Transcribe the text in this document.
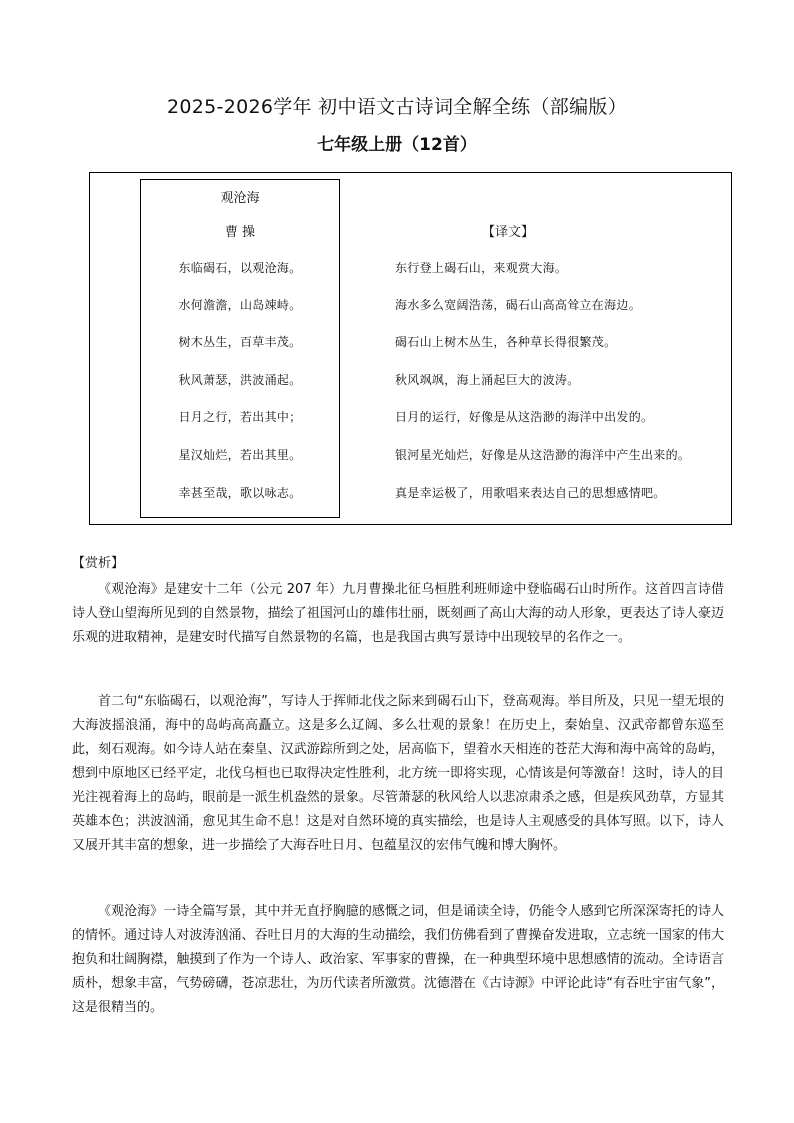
2025-2026学年 初中语文古诗词全解全练（部编版）
七年级上册（12首）
观沧海
曹 操
东临碣石，以观沧海。
水何澹澹，山岛竦峙。
树木丛生，百草丰茂。
秋风萧瑟，洪波涌起。
日月之行，若出其中；
星汉灿烂，若出其里。
幸甚至哉，歌以咏志。
【译文】
东行登上碣石山，来观赏大海。
海水多么宽阔浩荡，碣石山高高耸立在海边。
碣石山上树木丛生，各种草长得很繁茂。
秋风飒飒，海上涌起巨大的波涛。
日月的运行，好像是从这浩渺的海洋中出发的。
银河星光灿烂，好像是从这浩渺的海洋中产生出来的。
真是幸运极了，用歌唱来表达自己的思想感情吧。
【赏析】

《观沧海》是建安十二年（公元 207 年）九月曹操北征乌桓胜利班师途中登临碣石山时所作。这首四言诗借诗人登山望海所见到的自然景物，描绘了祖国河山的雄伟壮丽，既刻画了高山大海的动人形象，更表达了诗人豪迈乐观的进取精神，是建安时代描写自然景物的名篇，也是我国古典写景诗中出现较早的名作之一。

首二句“东临碣石，以观沧海”，写诗人于挥师北伐之际来到碣石山下，登高观海。举目所及，只见一望无垠的大海波摇浪涌，海中的岛屿高高矗立。这是多么辽阔、多么壮观的景象！在历史上，秦始皇、汉武帝都曾东巡至此，刻石观海。如今诗人站在秦皇、汉武游踪所到之处，居高临下，望着水天相连的苍茫大海和海中高耸的岛屿，想到中原地区已经平定，北伐乌桓也已取得决定性胜利，北方统一即将实现，心情该是何等激奋！这时，诗人的目光注视着海上的岛屿，眼前是一派生机盎然的景象。尽管萧瑟的秋风给人以悲凉肃杀之感，但是疾风劲草，方显其英雄本色；洪波汹涌，愈见其生命不息！这是对自然环境的真实描绘，也是诗人主观感受的具体写照。以下，诗人又展开其丰富的想象，进一步描绘了大海吞吐日月、包蕴星汉的宏伟气魄和博大胸怀。

《观沧海》一诗全篇写景，其中并无直抒胸臆的感慨之词，但是诵读全诗，仍能令人感到它所深深寄托的诗人的情怀。通过诗人对波涛汹涌、吞吐日月的大海的生动描绘，我们仿佛看到了曹操奋发进取，立志统一国家的伟大抱负和壮阔胸襟，触摸到了作为一个诗人、政治家、军事家的曹操，在一种典型环境中思想感情的流动。全诗语言质朴，想象丰富，气势磅礴，苍凉悲壮，为历代读者所激赏。沈德潜在《古诗源》中评论此诗“有吞吐宇宙气象”，这是很精当的。
